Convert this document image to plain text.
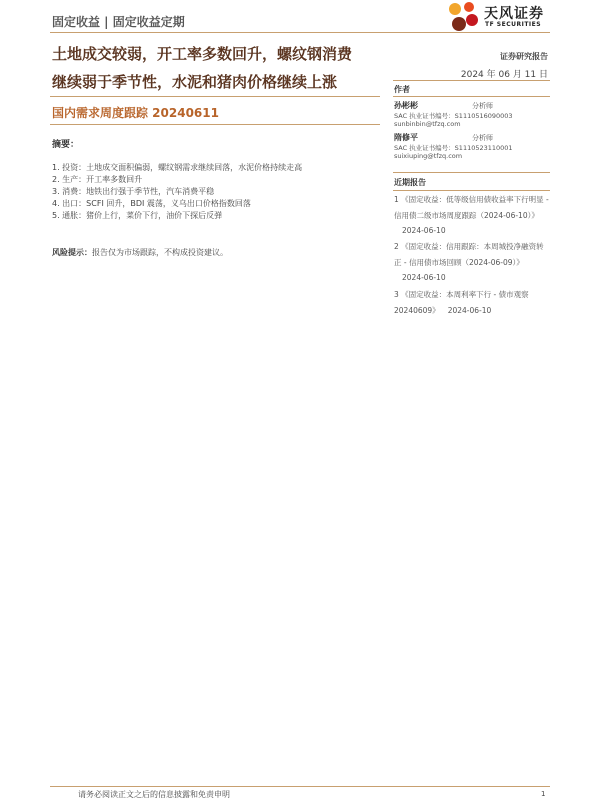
固定收益 | 固定收益定期	天风证券
TF SECURITIES
土地成交较弱，开工率多数回升，螺纹钢消费
继续弱于季节性，水泥和猪肉价格继续上涨
国内需求周度跟踪 20240611
摘要：
1. 投资：土地成交面积偏弱，螺纹钢需求继续回落，水泥价格持续走高
2. 生产：开工率多数回升
3. 消费：地铁出行强于季节性，汽车消费平稳
4. 出口：SCFI 回升，BDI 震荡，义乌出口价格指数回落
5. 通胀：猪价上行，菜价下行，油价下探后反弹
风险提示：报告仅为市场跟踪，不构成投资建议。
证券研究报告
2024 年 06 月 11 日
作者
孙彬彬	分析师
SAC 执业证书编号：S1110516090003
sunbinbin@tfzq.com
隋修平	分析师
SAC 执业证书编号：S1110523110001
suixiuping@tfzq.com
近期报告
1 《固定收益：低等级信用债收益率下行明显 - 信用债二级市场周度跟踪（2024-06-10）》2024-06-10
2 《固定收益：信用跟踪：本周城投净融资转正 - 信用债市场回顾（2024-06-09）》2024-06-10
3 《固定收益：本周利率下行 - 债市观察 20240609》 2024-06-10
请务必阅读正文之后的信息披露和免责申明	1
